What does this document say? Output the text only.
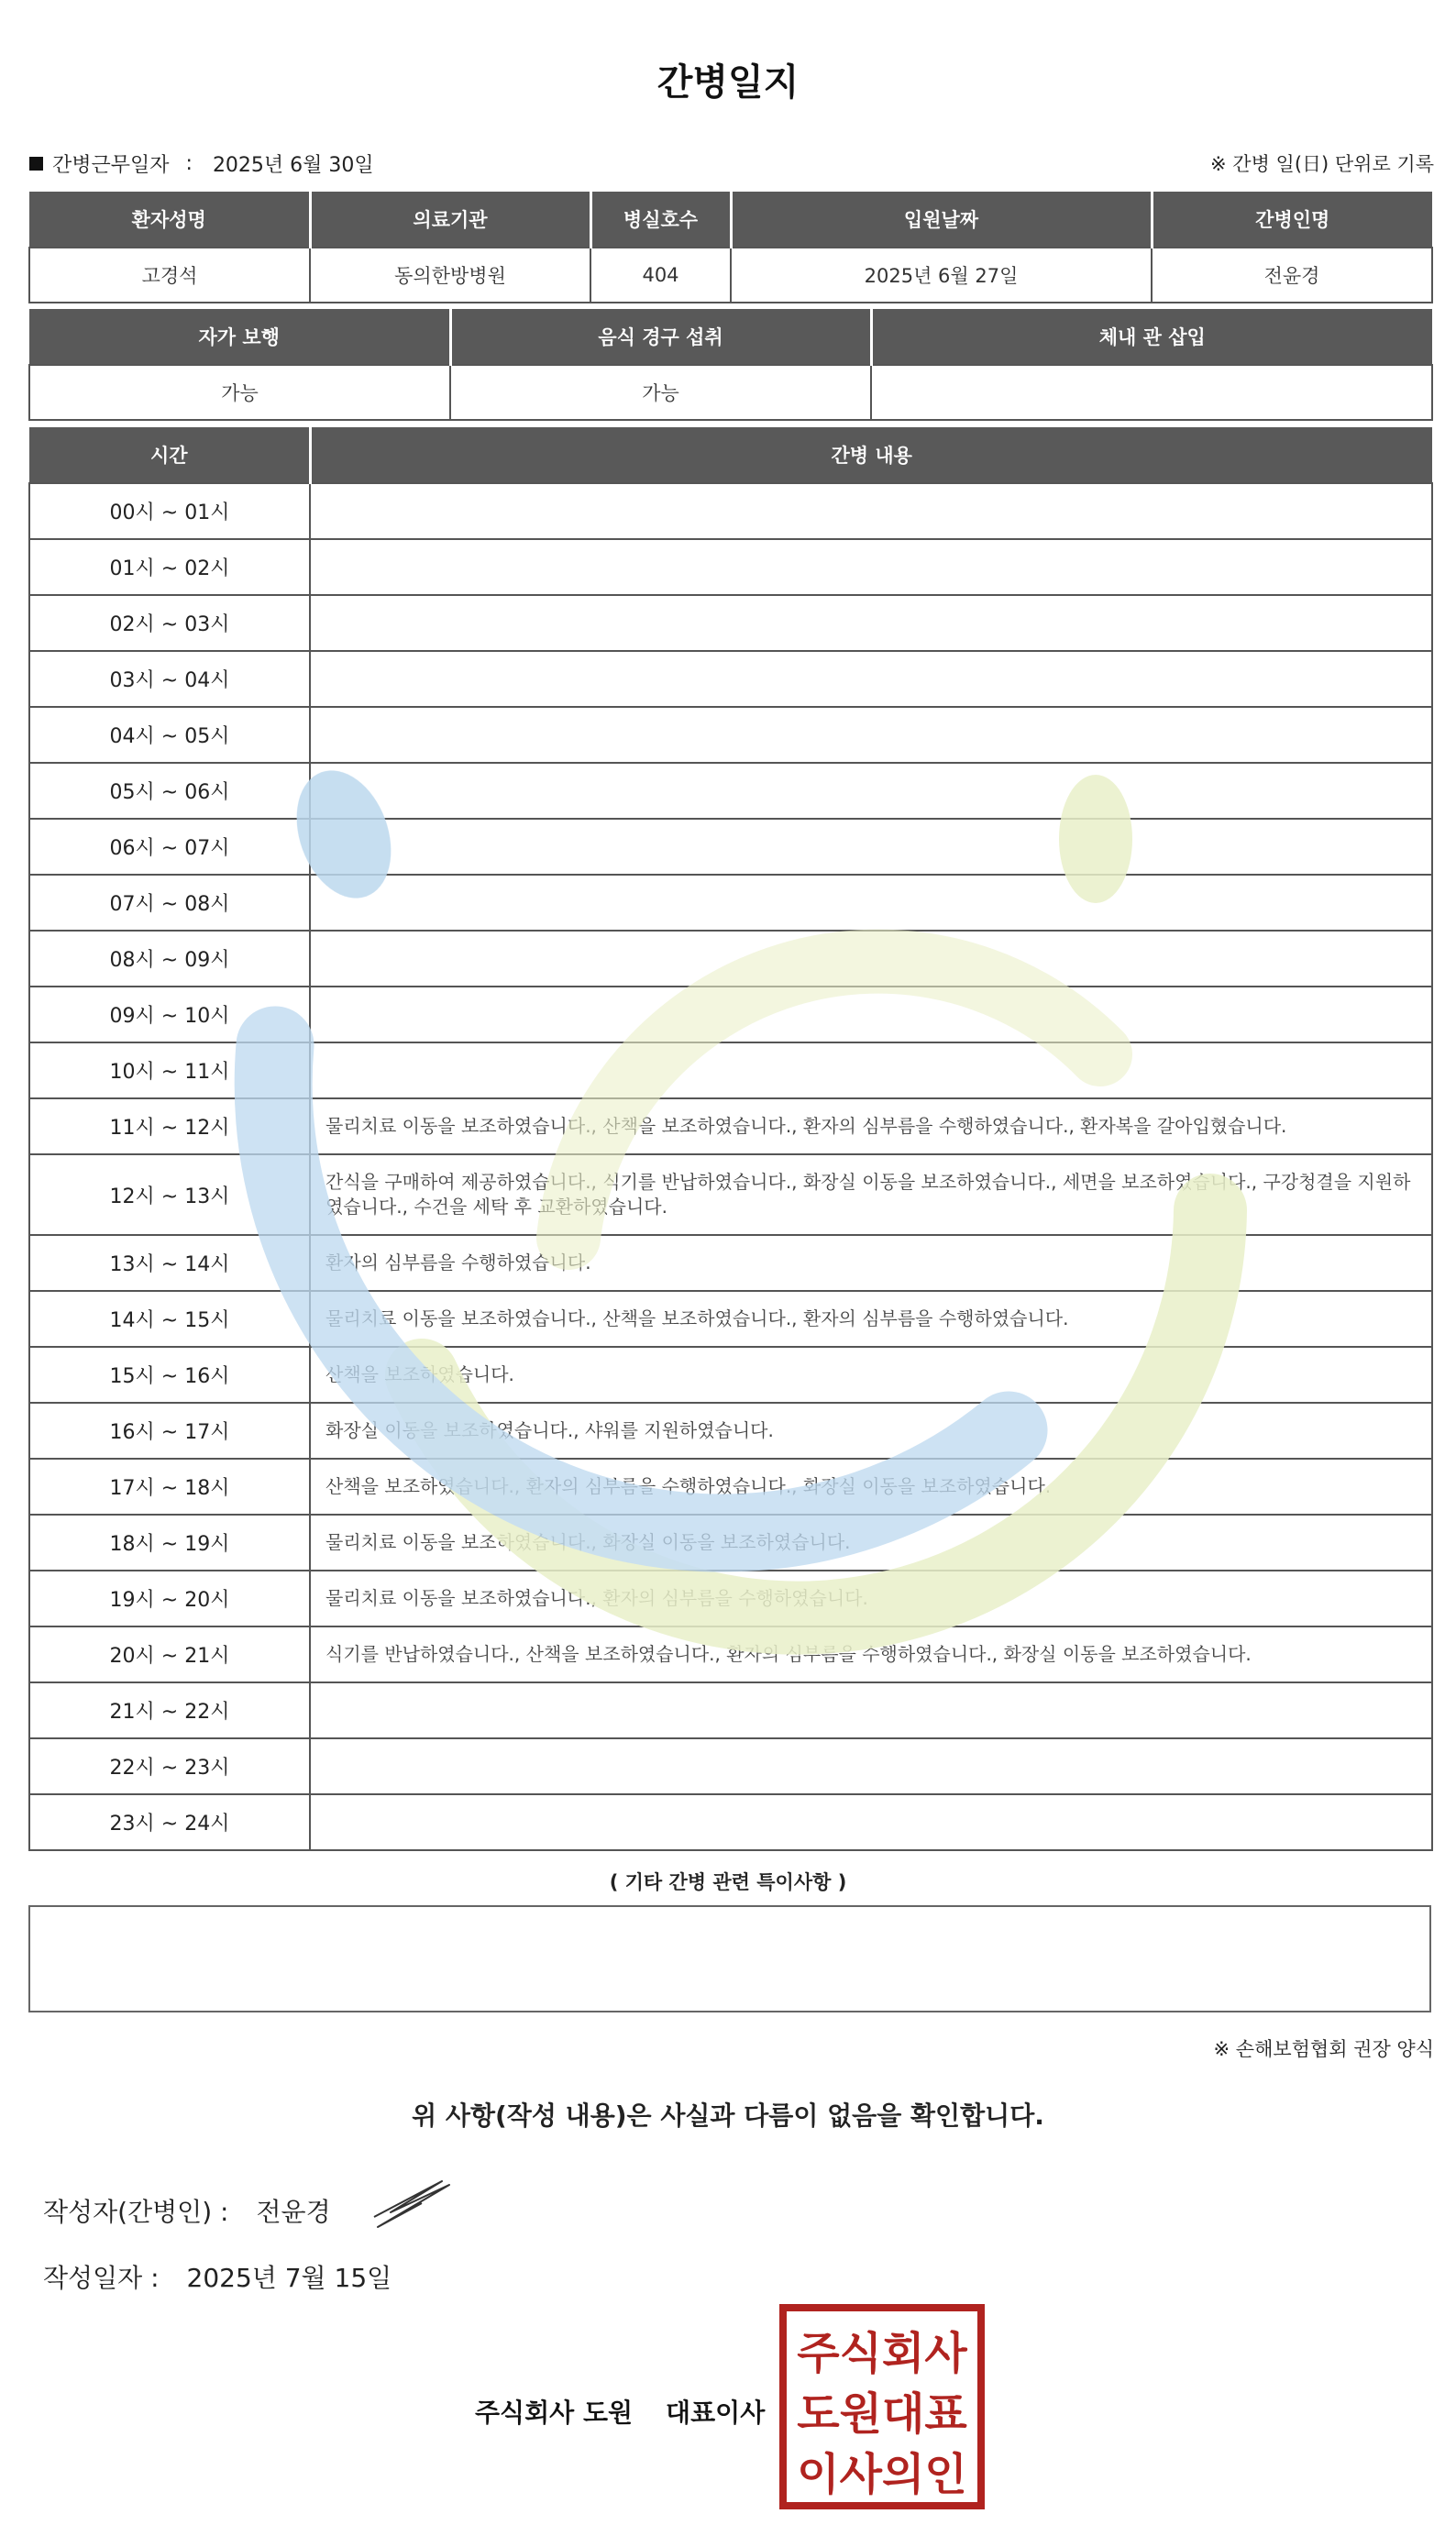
간병일지
간병근무일자 : 2025년 6월 30일	※ 간병 일(日) 단위로 기록
환자성명	의료기관	병실호수	입원날짜	간병인명
고경석	동의한방병원	404	2025년 6월 27일	전윤경
자가 보행	음식 경구 섭취	체내 관 삽입
가능	가능	
시간	간병 내용
00시 ~ 01시	
01시 ~ 02시	
02시 ~ 03시	
03시 ~ 04시	
04시 ~ 05시	
05시 ~ 06시	
06시 ~ 07시	
07시 ~ 08시	
08시 ~ 09시	
09시 ~ 10시	
10시 ~ 11시	
11시 ~ 12시	물리치료 이동을 보조하였습니다., 산책을 보조하였습니다., 환자의 심부름을 수행하였습니다., 환자복을 갈아입혔습니다.
12시 ~ 13시	간식을 구매하여 제공하였습니다., 식기를 반납하였습니다., 화장실 이동을 보조하였습니다., 세면을 보조하였습니다., 구강청결을 지원하였습니다., 수건을 세탁 후 교환하였습니다.
13시 ~ 14시	환자의 심부름을 수행하였습니다.
14시 ~ 15시	물리치료 이동을 보조하였습니다., 산책을 보조하였습니다., 환자의 심부름을 수행하였습니다.
15시 ~ 16시	산책을 보조하였습니다.
16시 ~ 17시	화장실 이동을 보조하였습니다., 샤워를 지원하였습니다.
17시 ~ 18시	산책을 보조하였습니다., 환자의 심부름을 수행하였습니다., 화장실 이동을 보조하였습니다.
18시 ~ 19시	물리치료 이동을 보조하였습니다., 화장실 이동을 보조하였습니다.
19시 ~ 20시	물리치료 이동을 보조하였습니다., 환자의 심부름을 수행하였습니다.
20시 ~ 21시	식기를 반납하였습니다., 산책을 보조하였습니다., 환자의 심부름을 수행하였습니다., 화장실 이동을 보조하였습니다.
21시 ~ 22시	
22시 ~ 23시	
23시 ~ 24시	
( 기타 간병 관련 특이사항 )
※ 손해보험협회 권장 양식
위 사항(작성 내용)은 사실과 다름이 없음을 확인합니다.
작성자(간병인) : 전윤경
작성일자 : 2025년 7월 15일
주식회사 도원 대표이사
주식회사
도원대표
이사의인
